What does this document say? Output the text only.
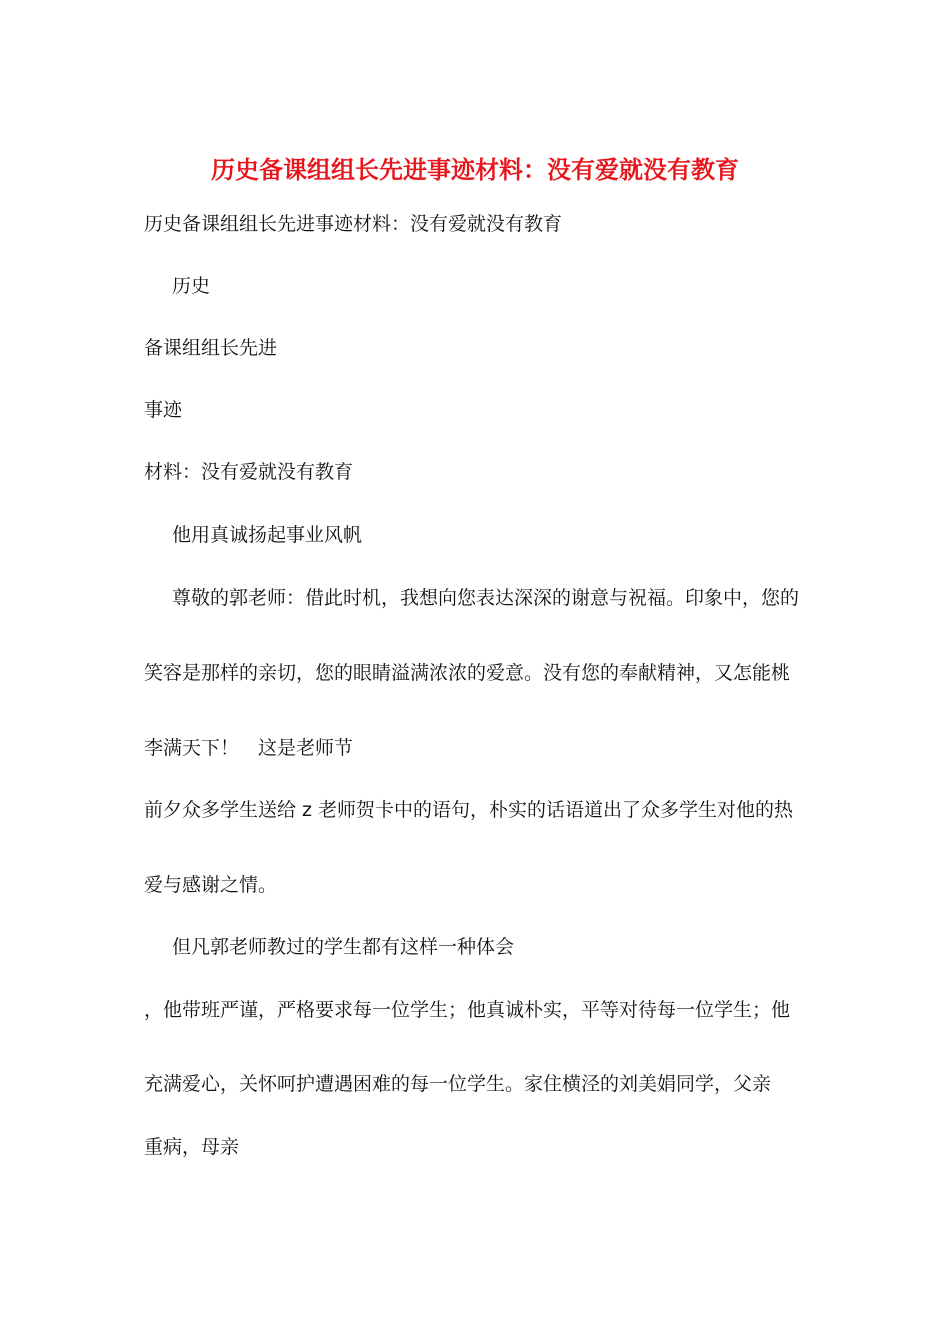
历史备课组组长先进事迹材料：没有爱就没有教育
历史备课组组长先进事迹材料：没有爱就没有教育
历史
备课组组长先进
事迹
材料：没有爱就没有教育
他用真诚扬起事业风帆
尊敬的郭老师：借此时机，我想向您表达深深的谢意与祝福。印象中，您的
笑容是那样的亲切，您的眼睛溢满浓浓的爱意。没有您的奉献精神，又怎能桃
李满天下！　这是老师节
前夕众多学生送给 z 老师贺卡中的语句，朴实的话语道出了众多学生对他的热
爱与感谢之情。
但凡郭老师教过的学生都有这样一种体会
，他带班严谨，严格要求每一位学生；他真诚朴实，平等对待每一位学生；他
充满爱心，关怀呵护遭遇困难的每一位学生。家住横泾的刘美娟同学，父亲
重病，母亲
